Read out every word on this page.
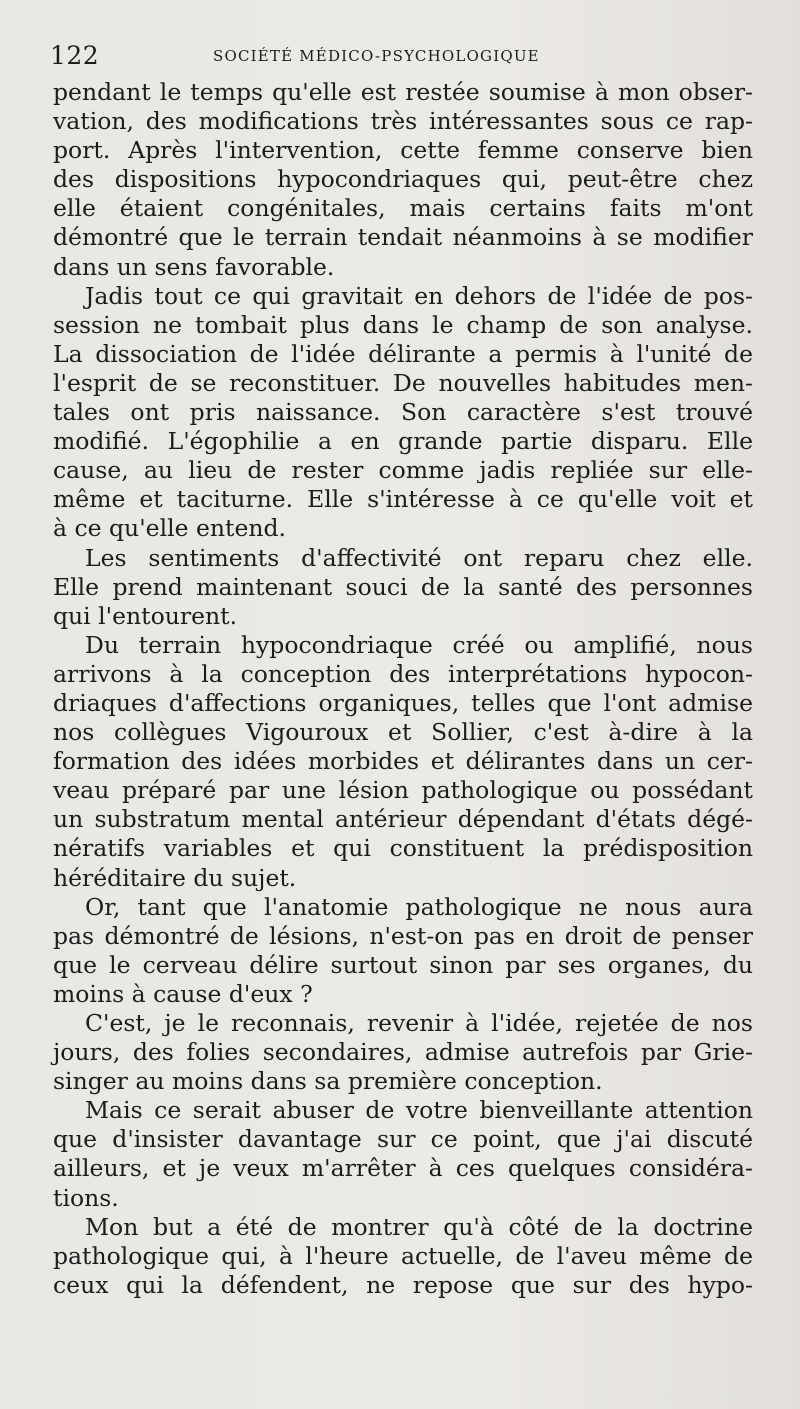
122	SOCIÉTÉ MÉDICO-PSYCHOLOGIQUE
pendant le temps qu'elle est restée soumise à mon obser-
vation, des modifications très intéressantes sous ce rap-
port. Après l'intervention, cette femme conserve bien
des dispositions hypocondriaques qui, peut-être chez
elle étaient congénitales, mais certains faits m'ont
démontré que le terrain tendait néanmoins à se modifier
dans un sens favorable.
Jadis tout ce qui gravitait en dehors de l'idée de pos-
session ne tombait plus dans le champ de son analyse.
La dissociation de l'idée délirante a permis à l'unité de
l'esprit de se reconstituer. De nouvelles habitudes men-
tales ont pris naissance. Son caractère s'est trouvé
modifié. L'égophilie a en grande partie disparu. Elle
cause, au lieu de rester comme jadis repliée sur elle-
même et taciturne. Elle s'intéresse à ce qu'elle voit et
à ce qu'elle entend.
Les sentiments d'affectivité ont reparu chez elle.
Elle prend maintenant souci de la santé des personnes
qui l'entourent.
Du terrain hypocondriaque créé ou amplifié, nous
arrivons à la conception des interprétations hypocon-
driaques d'affections organiques, telles que l'ont admise
nos collègues Vigouroux et Sollier, c'est à-dire à la
formation des idées morbides et délirantes dans un cer-
veau préparé par une lésion pathologique ou possédant
un substratum mental antérieur dépendant d'états dégé-
nératifs variables et qui constituent la prédisposition
héréditaire du sujet.
Or, tant que l'anatomie pathologique ne nous aura
pas démontré de lésions, n'est-on pas en droit de penser
que le cerveau délire surtout sinon par ses organes, du
moins à cause d'eux ?
C'est, je le reconnais, revenir à l'idée, rejetée de nos
jours, des folies secondaires, admise autrefois par Grie-
singer au moins dans sa première conception.
Mais ce serait abuser de votre bienveillante attention
que d'insister davantage sur ce point, que j'ai discuté
ailleurs, et je veux m'arrêter à ces quelques considéra-
tions.
Mon but a été de montrer qu'à côté de la doctrine
pathologique qui, à l'heure actuelle, de l'aveu même de
ceux qui la défendent, ne repose que sur des hypo-
